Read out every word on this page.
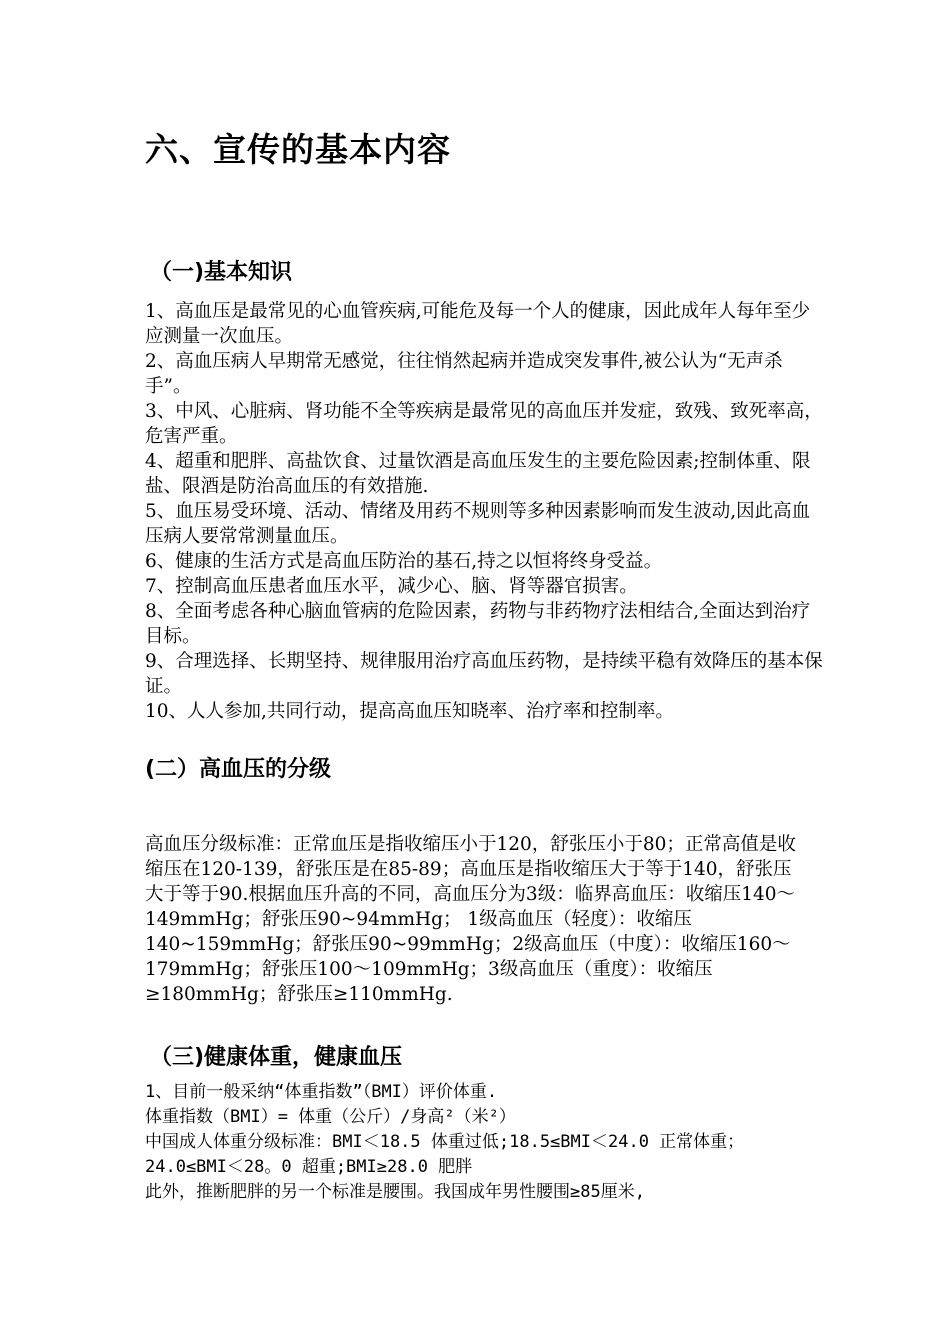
六、宣传的基本内容
（一)基本知识

1、高血压是最常见的心血管疾病,可能危及每一个人的健康，因此成年人每年至少应测量一次血压。

2、高血压病人早期常无感觉，往往悄然起病并造成突发事件,被公认为“无声杀手”。

3、中风、心脏病、肾功能不全等疾病是最常见的高血压并发症，致残、致死率高，危害严重。

4、超重和肥胖、高盐饮食、过量饮酒是高血压发生的主要危险因素;控制体重、限盐、限酒是防治高血压的有效措施.

5、血压易受环境、活动、情绪及用药不规则等多种因素影响而发生波动,因此高血压病人要常常测量血压。

6、健康的生活方式是高血压防治的基石,持之以恒将终身受益。

7、控制高血压患者血压水平，减少心、脑、肾等器官损害。

8、全面考虑各种心脑血管病的危险因素，药物与非药物疗法相结合,全面达到治疗目标。

9、合理选择、长期坚持、规律服用治疗高血压药物，是持续平稳有效降压的基本保证。

10、人人参加,共同行动，提高高血压知晓率、治疗率和控制率。

(二）高血压的分级

高血压分级标准：正常血压是指收缩压小于120，舒张压小于80；正常高值是收缩压在120-139，舒张压是在85-89；高血压是指收缩压大于等于140，舒张压大于等于90.根据血压升高的不同，高血压分为3级：临界高血压：收缩压140～149mmHg；舒张压90~94mmHg； 1级高血压（轻度）：收缩压140~159mmHg；舒张压90~99mmHg；2级高血压（中度）：收缩压160～179mmHg；舒张压100～109mmHg；3级高血压（重度）：收缩压≥180mmHg；舒张压≥110mmHg.

（三)健康体重，健康血压

1、目前一般采纳“体重指数”（BMI）评价体重.

体重指数（BMI）= 体重（公斤）/身高²（米²）

中国成人体重分级标准：BMI＜18.5 体重过低;18.5≤BMI＜24.0 正常体重；24.0≤BMI＜28。0 超重;BMI≥28.0 肥胖

此外，推断肥胖的另一个标准是腰围。我国成年男性腰围≥85厘米,
